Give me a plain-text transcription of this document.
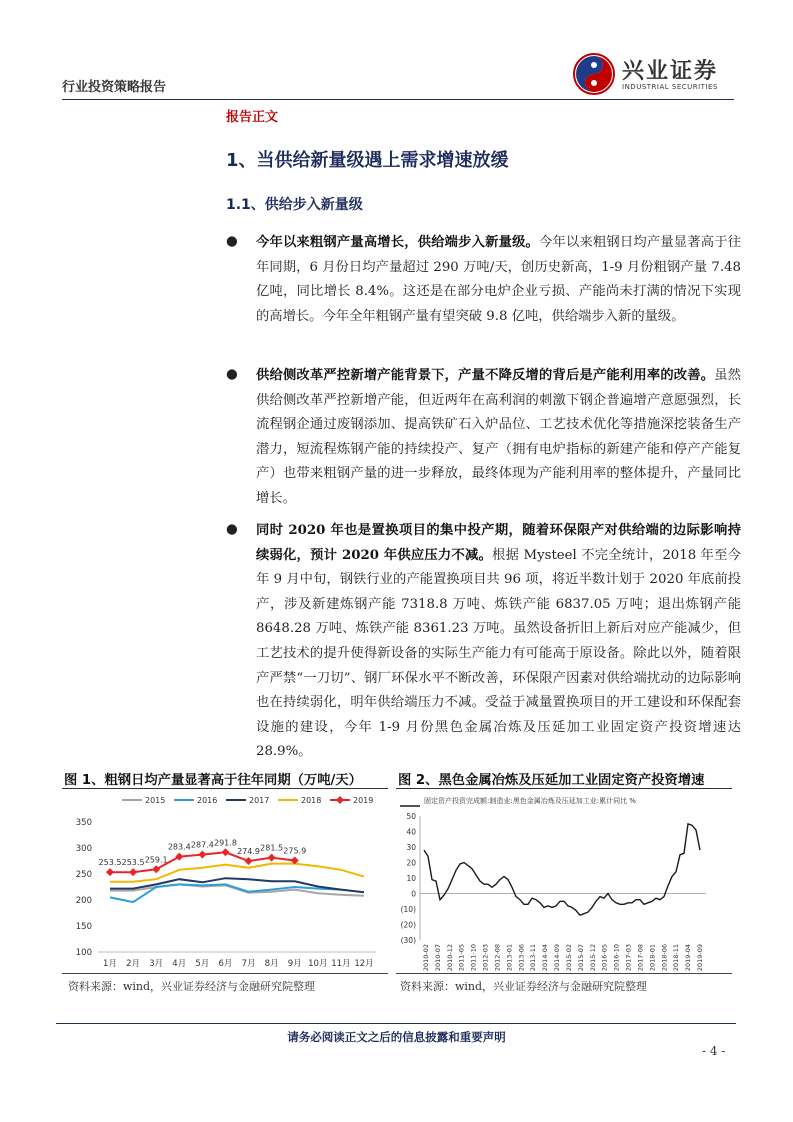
行业投资策略报告
兴业证券
INDUSTRIAL SECURITIES
报告正文
1、当供给新量级遇上需求增速放缓
1.1、供给步入新量级
● 今年以来粗钢产量高增长，供给端步入新量级。今年以来粗钢日均产量显著高于往年同期，6 月份日均产量超过 290 万吨/天，创历史新高，1-9 月份粗钢产量 7.48 亿吨，同比增长 8.4%。这还是在部分电炉企业亏损、产能尚未打满的情况下实现的高增长。今年全年粗钢产量有望突破 9.8 亿吨，供给端步入新的量级。
● 供给侧改革严控新增产能背景下，产量不降反增的背后是产能利用率的改善。虽然供给侧改革严控新增产能，但近两年在高利润的刺激下钢企普遍增产意愿强烈，长流程钢企通过废钢添加、提高铁矿石入炉品位、工艺技术优化等措施深挖装备生产潜力，短流程炼钢产能的持续投产、复产（拥有电炉指标的新建产能和停产产能复产）也带来粗钢产量的进一步释放，最终体现为产能利用率的整体提升，产量同比增长。
● 同时 2020 年也是置换项目的集中投产期，随着环保限产对供给端的边际影响持续弱化，预计 2020 年供应压力不减。根据 Mysteel 不完全统计，2018 年至今年 9 月中旬，钢铁行业的产能置换项目共 96 项，将近半数计划于 2020 年底前投产，涉及新建炼钢产能 7318.8 万吨、炼铁产能 6837.05 万吨；退出炼钢产能 8648.28 万吨、炼铁产能 8361.23 万吨。虽然设备折旧上新后对应产能减少，但工艺技术的提升使得新设备的实际生产能力有可能高于原设备。除此以外，随着限产严禁“一刀切”、钢厂环保水平不断改善，环保限产因素对供给端扰动的边际影响也在持续弱化，明年供给端压力不减。受益于减量置换项目的开工建设和环保配套设施的建设，今年 1-9 月份黑色金属冶炼及压延加工业固定资产投资增速达 28.9%。
图 1、粗钢日均产量显著高于往年同期（万吨/天）	图 2、黑色金属冶炼及压延加工业固定资产投资增速
2015	2016	2017	2018	2019
100
150
200
250
300
350
1月 2月 3月 4月 5月 6月 7月 8月 9月 10月 11月 12月
253.5 253.5 259.1
283.4 287.4 291.8
274.9 281.5 275.9
固定资产投资完成额:制造业:黑色金属冶炼及压延加工业:累计同比 %
50
40
30
20
10
0
(10)
(20)
(30)
2010-02 2010-07 2010-12 2011-05 2011-10 2012-03 2012-08 2013-01 2013-06 2013-11 2014-04 2014-09 2015-02 2015-07 2015-12 2016-05 2016-10 2017-03 2017-08 2018-01 2018-06 2018-11 2019-04 2019-09
资料来源：wind，兴业证券经济与金融研究院整理	资料来源：wind，兴业证券经济与金融研究院整理
请务必阅读正文之后的信息披露和重要声明
- 4 -
